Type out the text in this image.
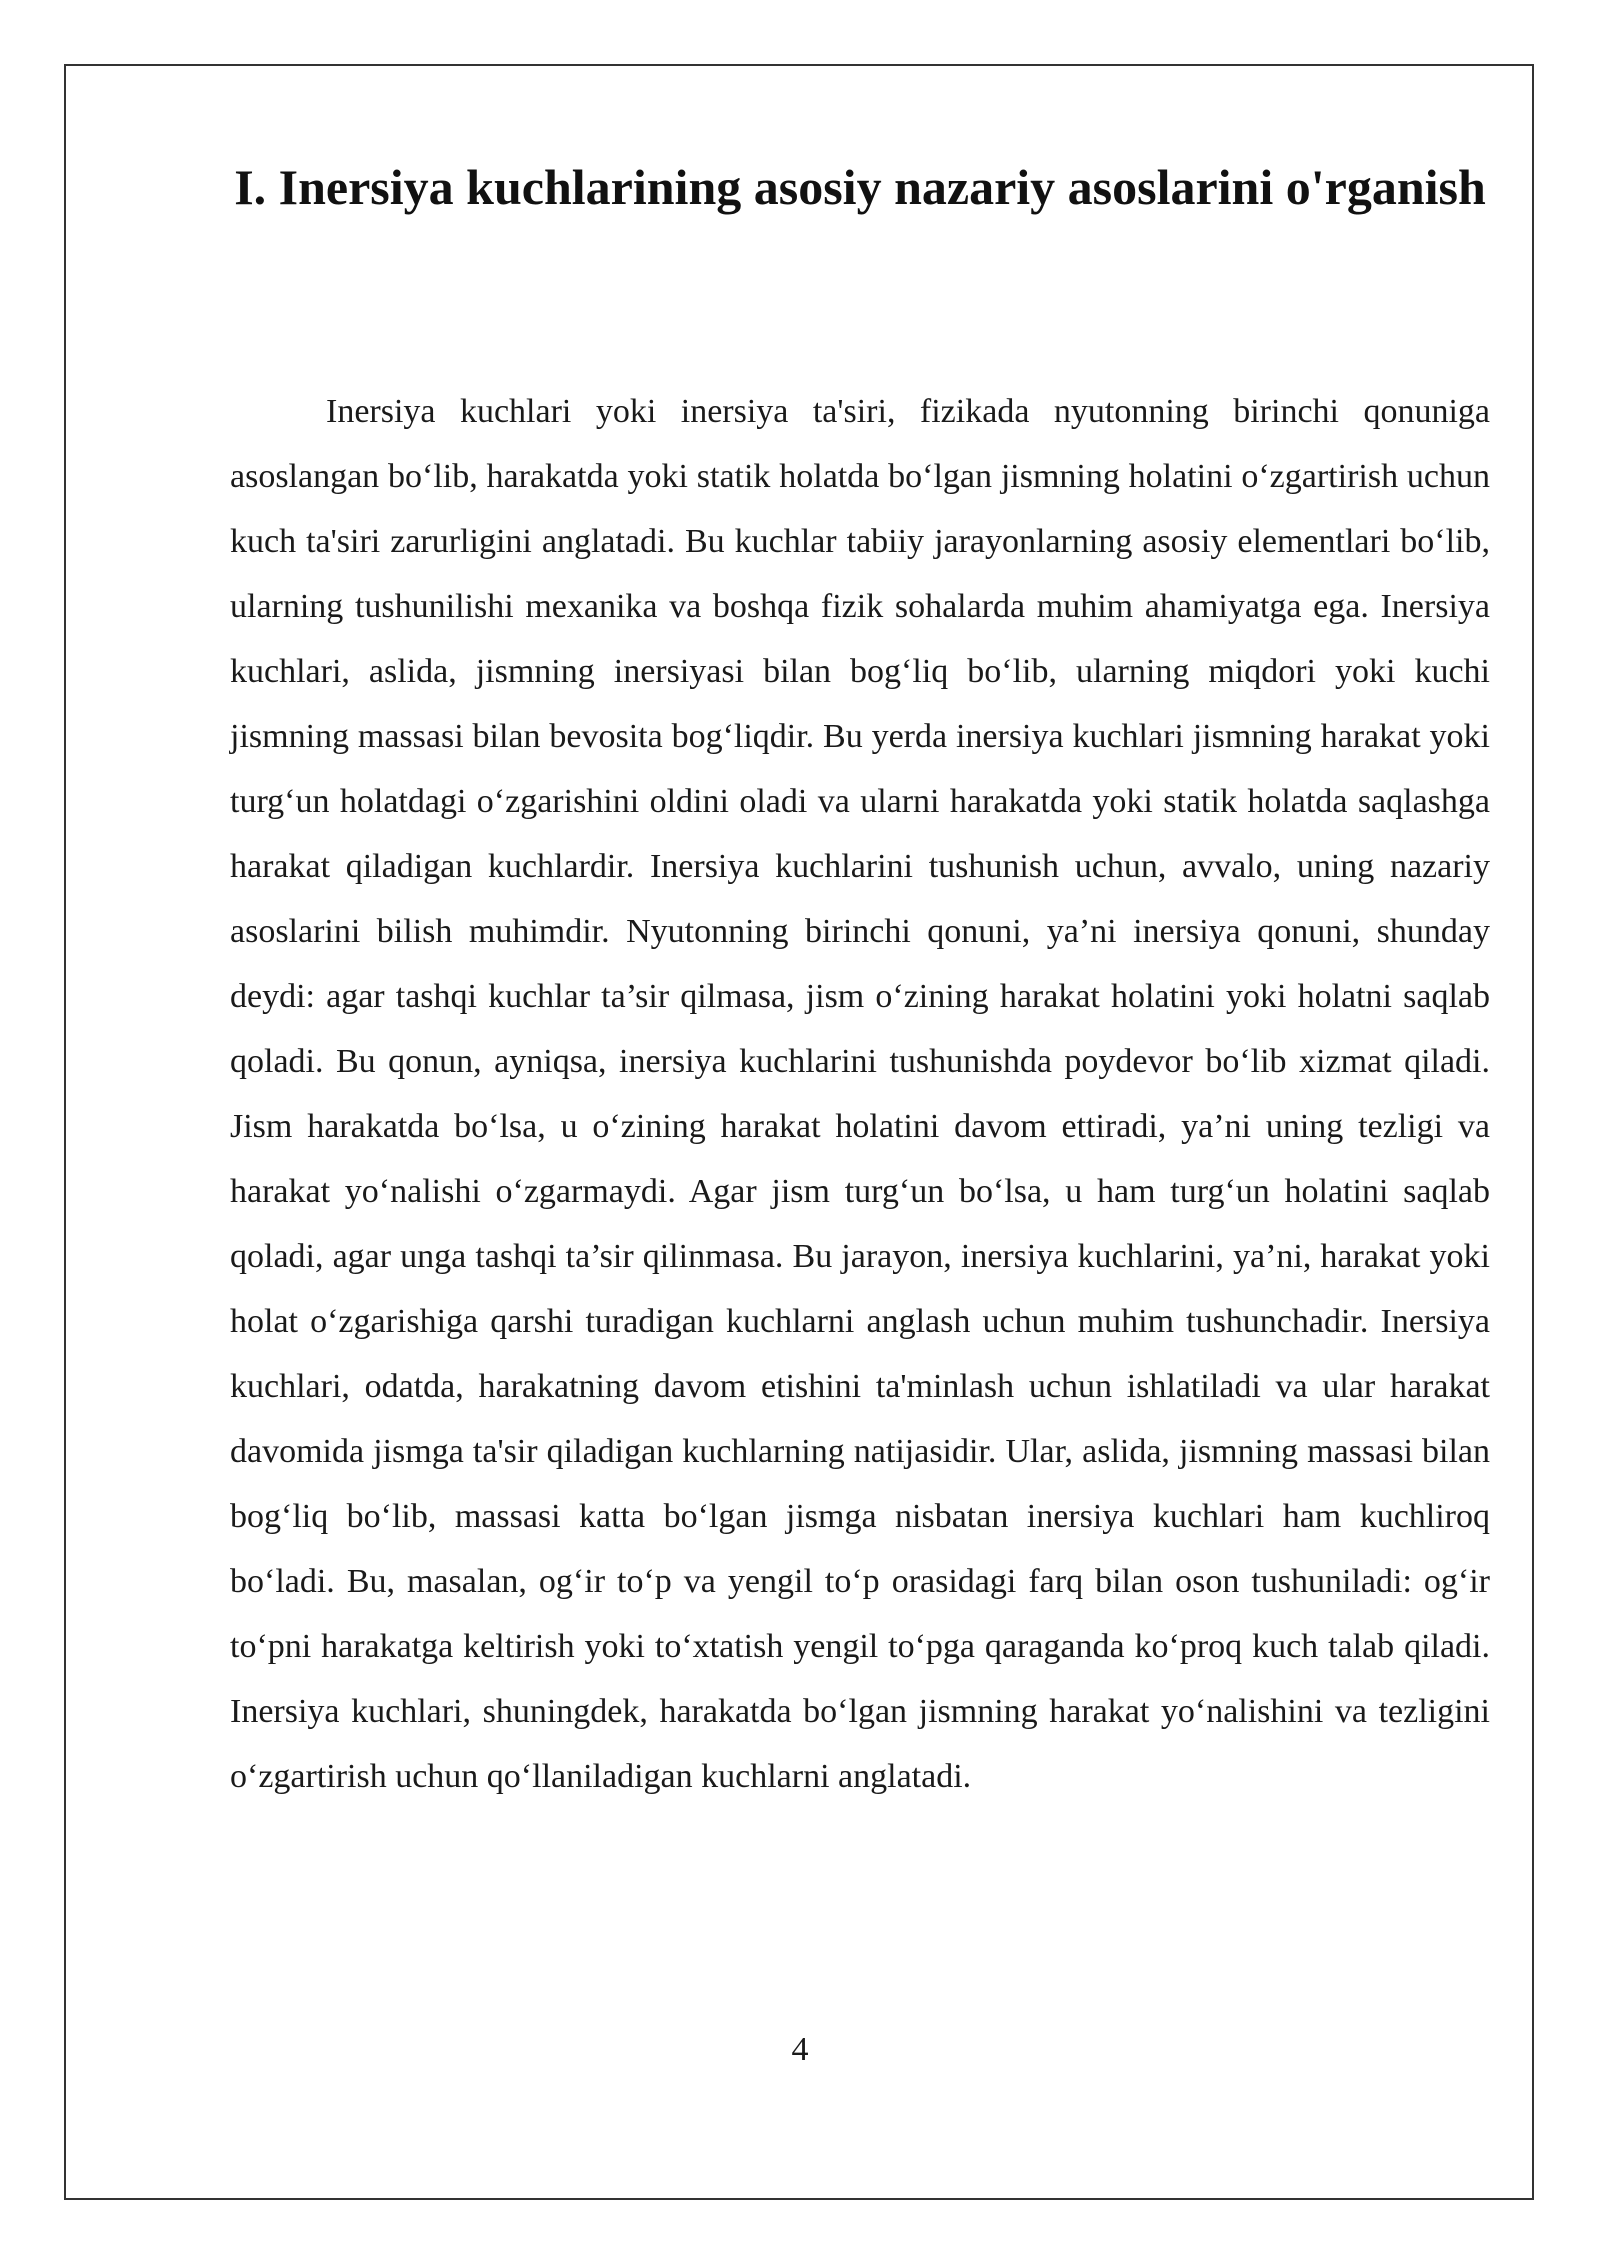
I. Inersiya kuchlarining asosiy nazariy asoslarini o'rganish

Inersiya kuchlari yoki inersiya ta'siri, fizikada nyutonning birinchi qonuniga asoslangan boʻlib, harakatda yoki statik holatda boʻlgan jismning holatini oʻzgartirish uchun kuch ta'siri zarurligini anglatadi. Bu kuchlar tabiiy jarayonlarning asosiy elementlari boʻlib, ularning tushunilishi mexanika va boshqa fizik sohalarda muhim ahamiyatga ega. Inersiya kuchlari, aslida, jismning inersiyasi bilan bogʻliq boʻlib, ularning miqdori yoki kuchi jismning massasi bilan bevosita bogʻliqdir. Bu yerda inersiya kuchlari jismning harakat yoki turgʻun holatdagi oʻzgarishini oldini oladi va ularni harakatda yoki statik holatda saqlashga harakat qiladigan kuchlardir. Inersiya kuchlarini tushunish uchun, avvalo, uning nazariy asoslarini bilish muhimdir. Nyutonning birinchi qonuni, ya’ni inersiya qonuni, shunday deydi: agar tashqi kuchlar ta’sir qilmasa, jism oʻzining harakat holatini yoki holatni saqlab qoladi. Bu qonun, ayniqsa, inersiya kuchlarini tushunishda poydevor boʻlib xizmat qiladi. Jism harakatda boʻlsa, u oʻzining harakat holatini davom ettiradi, ya’ni uning tezligi va harakat yoʻnalishi oʻzgarmaydi. Agar jism turgʻun boʻlsa, u ham turgʻun holatini saqlab qoladi, agar unga tashqi ta’sir qilinmasa. Bu jarayon, inersiya kuchlarini, ya’ni, harakat yoki holat oʻzgarishiga qarshi turadigan kuchlarni anglash uchun muhim tushunchadir. Inersiya kuchlari, odatda, harakatning davom etishini ta'minlash uchun ishlatiladi va ular harakat davomida jismga ta'sir qiladigan kuchlarning natijasidir. Ular, aslida, jismning massasi bilan bogʻliq boʻlib, massasi katta boʻlgan jismga nisbatan inersiya kuchlari ham kuchliroq boʻladi. Bu, masalan, ogʻir toʻp va yengil toʻp orasidagi farq bilan oson tushuniladi: ogʻir toʻpni harakatga keltirish yoki toʻxtatish yengil toʻpga qaraganda koʻproq kuch talab qiladi. Inersiya kuchlari, shuningdek, harakatda boʻlgan jismning harakat yoʻnalishini va tezligini oʻzgartirish uchun qoʻllaniladigan kuchlarni anglatadi.

4
